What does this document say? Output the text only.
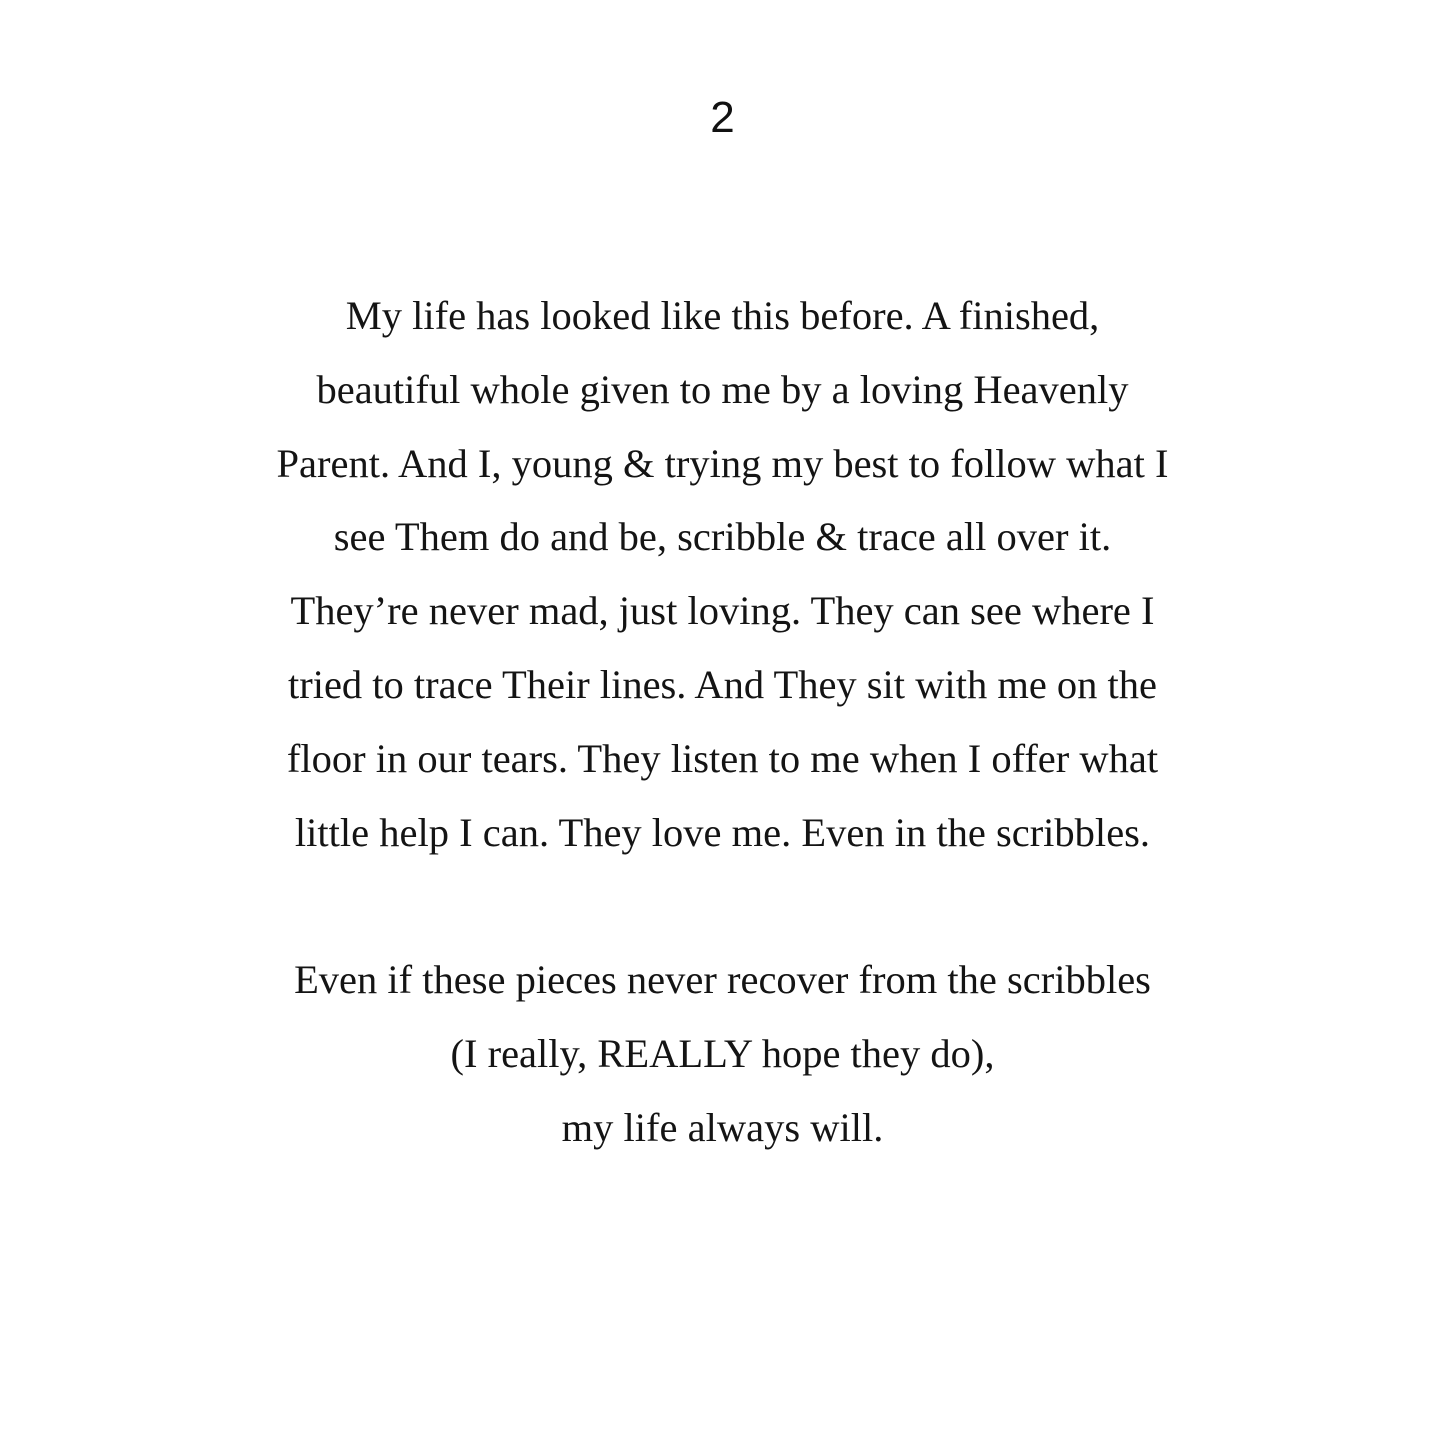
2
My life has looked like this before. A finished,
beautiful whole given to me by a loving Heavenly
Parent. And I, young & trying my best to follow what I
see Them do and be, scribble & trace all over it.
They’re never mad, just loving. They can see where I
tried to trace Their lines. And They sit with me on the
floor in our tears. They listen to me when I offer what
little help I can. They love me. Even in the scribbles.
Even if these pieces never recover from the scribbles
(I really, REALLY hope they do),
my life always will.
